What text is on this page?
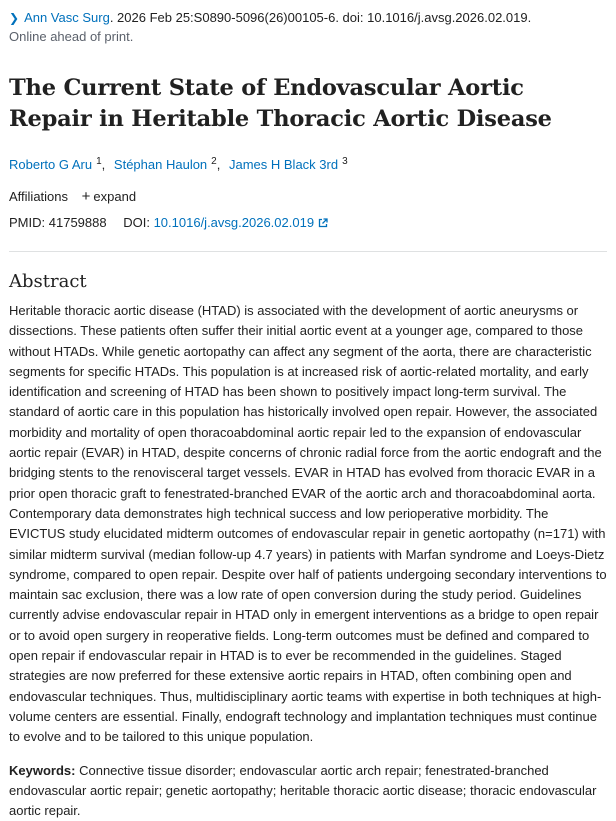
❯ Ann Vasc Surg. 2026 Feb 25:S0890-5096(26)00105-6. doi: 10.1016/j.avsg.2026.02.019.
Online ahead of print.
The Current State of Endovascular Aortic Repair in Heritable Thoracic Aortic Disease
Roberto G Aru $^1$, Stéphan Haulon $^2$, James H Black 3rd $^3$
Affiliations + expand
PMID: 41759888 DOI: 10.1016/j.avsg.2026.02.019
Abstract
Heritable thoracic aortic disease (HTAD) is associated with the development of aortic aneurysms or dissections. These patients often suffer their initial aortic event at a younger age, compared to those without HTADs. While genetic aortopathy can affect any segment of the aorta, there are characteristic segments for specific HTADs. This population is at increased risk of aortic-related mortality, and early identification and screening of HTAD has been shown to positively impact long-term survival. The standard of aortic care in this population has historically involved open repair. However, the associated morbidity and mortality of open thoracoabdominal aortic repair led to the expansion of endovascular aortic repair (EVAR) in HTAD, despite concerns of chronic radial force from the aortic endograft and the bridging stents to the renovisceral target vessels. EVAR in HTAD has evolved from thoracic EVAR in a prior open thoracic graft to fenestrated-branched EVAR of the aortic arch and thoracoabdominal aorta. Contemporary data demonstrates high technical success and low perioperative morbidity. The EVICTUS study elucidated midterm outcomes of endovascular repair in genetic aortopathy (n=171) with similar midterm survival (median follow-up 4.7 years) in patients with Marfan syndrome and Loeys-Dietz syndrome, compared to open repair. Despite over half of patients undergoing secondary interventions to maintain sac exclusion, there was a low rate of open conversion during the study period. Guidelines currently advise endovascular repair in HTAD only in emergent interventions as a bridge to open repair or to avoid open surgery in reoperative fields. Long-term outcomes must be defined and compared to open repair if endovascular repair in HTAD is to ever be recommended in the guidelines. Staged strategies are now preferred for these extensive aortic repairs in HTAD, often combining open and endovascular techniques. Thus, multidisciplinary aortic teams with expertise in both techniques at high-volume centers are essential. Finally, endograft technology and implantation techniques must continue to evolve and to be tailored to this unique population.
Keywords: Connective tissue disorder; endovascular aortic arch repair; fenestrated-branched endovascular aortic repair; genetic aortopathy; heritable thoracic aortic disease; thoracic endovascular aortic repair.
